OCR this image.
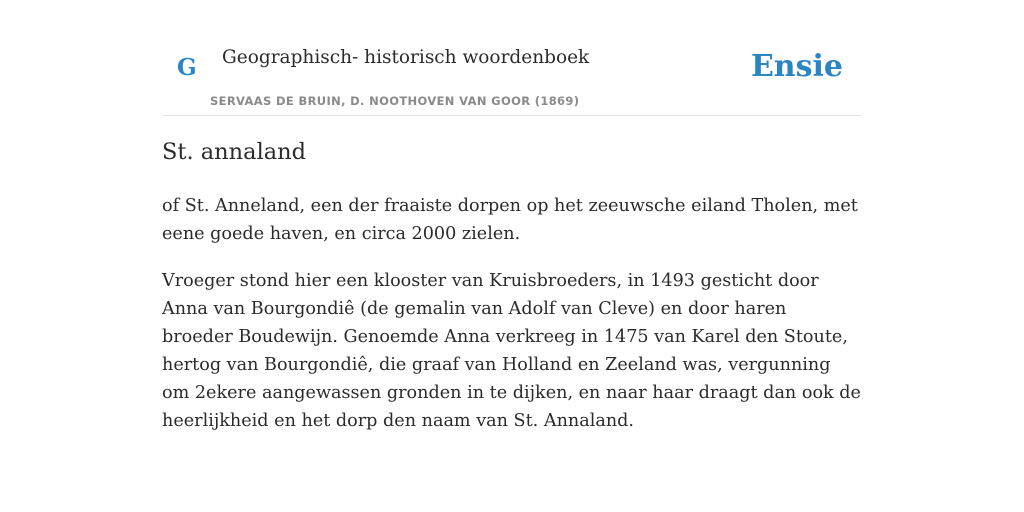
G Geographisch- historisch woordenboek
SERVAAS DE BRUIN, D. NOOTHOVEN VAN GOOR (1869)
Ensie
St. annaland

of St. Anneland, een der fraaiste dorpen op het zeeuwsche eiland Tholen, met eene goede haven, en circa 2000 zielen.

Vroeger stond hier een klooster van Kruisbroeders, in 1493 gesticht door Anna van Bourgondiê (de gemalin van Adolf van Cleve) en door haren broeder Boudewijn. Genoemde Anna verkreeg in 1475 van Karel den Stoute, hertog van Bourgondiê, die graaf van Holland en Zeeland was, vergunning om 2ekere aangewassen gronden in te dijken, en naar haar draagt dan ook de heerlijkheid en het dorp den naam van St. Annaland.
